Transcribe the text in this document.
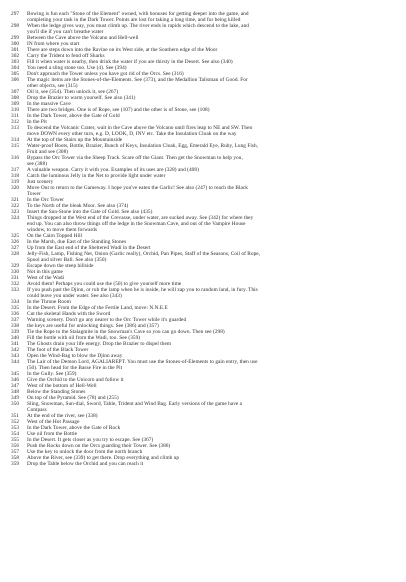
297	Bowing is fun each "Stone of the Element" owned, with bonuses for getting deeper into the game, and
completing your task in the Dark Tower. Points are lost for taking a long time, and for being killed
298	When the ledge gives way, you must climb up. The river ends in rapids which descend to the lake, and
you'll die if you can't breathe water
299	Between the Cave above the Volcano and Hell-well
300	IN from where you start
301	There are steps down into the Ravine on its West side, at the Southern edge of the Moor
302	Carry the Trident to fend off Sharks
303	Fill it when water is nearby, then drink the water if you are thirsty in the Desert. See also (340)
304	You need a sling stone too. Use (4). See (394)
305	Don't approach the Tower unless you have got rid of the Orcs. See (316)
306	The magic items are the Stones-of-the-Elements. See (373), and the Medallion Talisman of Good. For
other objects, see (315)
307	Oil it, see (354). Then unlock it, see (267)
308	Drop the Brazier to warm yourself. See also (341)
309	In the massive Cave
310	There are two bridges. One is of Rope, see (107) and the other is of Stone, see (108)
311	In the Dark Tower, above the Gate of Gold
312	In the Pit
313	To descend the Volcanic Crater, wait in the Cave above the Volcano until fires leap to NE and SW. Then
move DOWN every other turn, e.g. D, LOOK, D, INV etc. Take the Insulation Cloak on the way
314	At the top of the Stairs up the Mountainside
315	Water-proof Boots, Bottle, Brazier, Bunch of Keys, Insulation Cloak, Egg, Emerald Eye, Ruby, Lung Fish,
Fruit and see (308)
316	Bypass the Orc Tower via the Sheep Track. Scare off the Giant. Then get the Snowman to help you,
see (388)
317	A valuable weapon. Carry it with you. Examples of its uses are (328) and (408)
318	Catch the luminous Jelly in the Net to provide light under water
319	Just scenery
320	Move Out to return to the Gameway. I hope you've eaten the Garlic! See also (247) to reach the Black
Tower
321	In the Orc Tower
322	To the North of the bleak Moor. See also (374)
323	Insert the Sun-Stone into the Gate of Gold. See also (435)
324	Things dropped at the West end of the Crevasse, under water, are sucked away. See (342) for where they
end up. You can also throw things off the ledge in the Snowman Cave, and out of the Vampire House
window, to move them forwards
325	On the Cairn Topped Hill
326	In the Marsh, due East of the Standing Stones
327	Up from the East end of the Sheltered Wadi in the Desert
328	Jelly-Fish, Lamp, Fishing Net, Onion (Garlic really), Orchid, Pan Pipes, Staff of the Seasons, Coil of Rope,
Spool and silver Ball. See also (350)
329	Escape down the steep hillside
330	Not in this game
331	West of the Wadi
332	Avoid them! Perhaps you could use the (50) to give yourself more time
333	If you push past the Djinn, or rub the lamp when he is inside, he will zap you to random land, in fury. This
could leave you under water. See also (343)
334	In the Throne Room
335	In the Desert. From the Edge of the Fertile Land, move: N.N.E.E
336	Cut the skeletal Hands with the Sword
337	Warning scenery. Don't go any nearer to the Orc Tower while it's guarded
338	the keys are useful for unlocking things. See (386) and (357)
339	Tie the Rope to the Stalagmite in the Snowman's Cave so you can go down. Then see (298)
340	Fill the bottle with oil from the Wadi, too. See (359)
341	The Ghosts drain your life energy. Drop the Brazier to dispel them
342	The foot of the Black Tower
343	Open the Wind-Bag to blow the Djinn away
344	The Lair of the Demon Lord, AGALIAREPT. You must use the Stones-of-Elements to gain entry, then use
(50). Then head for the Basse Fire in the Pit
345	In the Gully. See (359)
346	Give the Orchid to the Unicorn and follow it
347	West of the bottom of Hell-Well
348	Below the Standing Stones
349	On top of the Pyramid. See (78) and (255)
350	Sling, Snowman, Sun-dial, Sword, Table, Trident and Wind Bag. Early versions of the game have a
Compass
351	At the end of the river, see (338)
352	West of the Hot Passage
353	In the Dark Tower, above the Gate of Rock
354	Use oil from the Bottle
355	In the Desert. It gets closer as you try to escape. See (367)
356	Push the Rocks down on the Orcs guarding their Tower. See (386)
357	Use the key to unlock the door from the north branch
358	Above the River, see (339) to get there. Drop everything and climb up
359	Drop the Table below the Orchid and you can reach it
